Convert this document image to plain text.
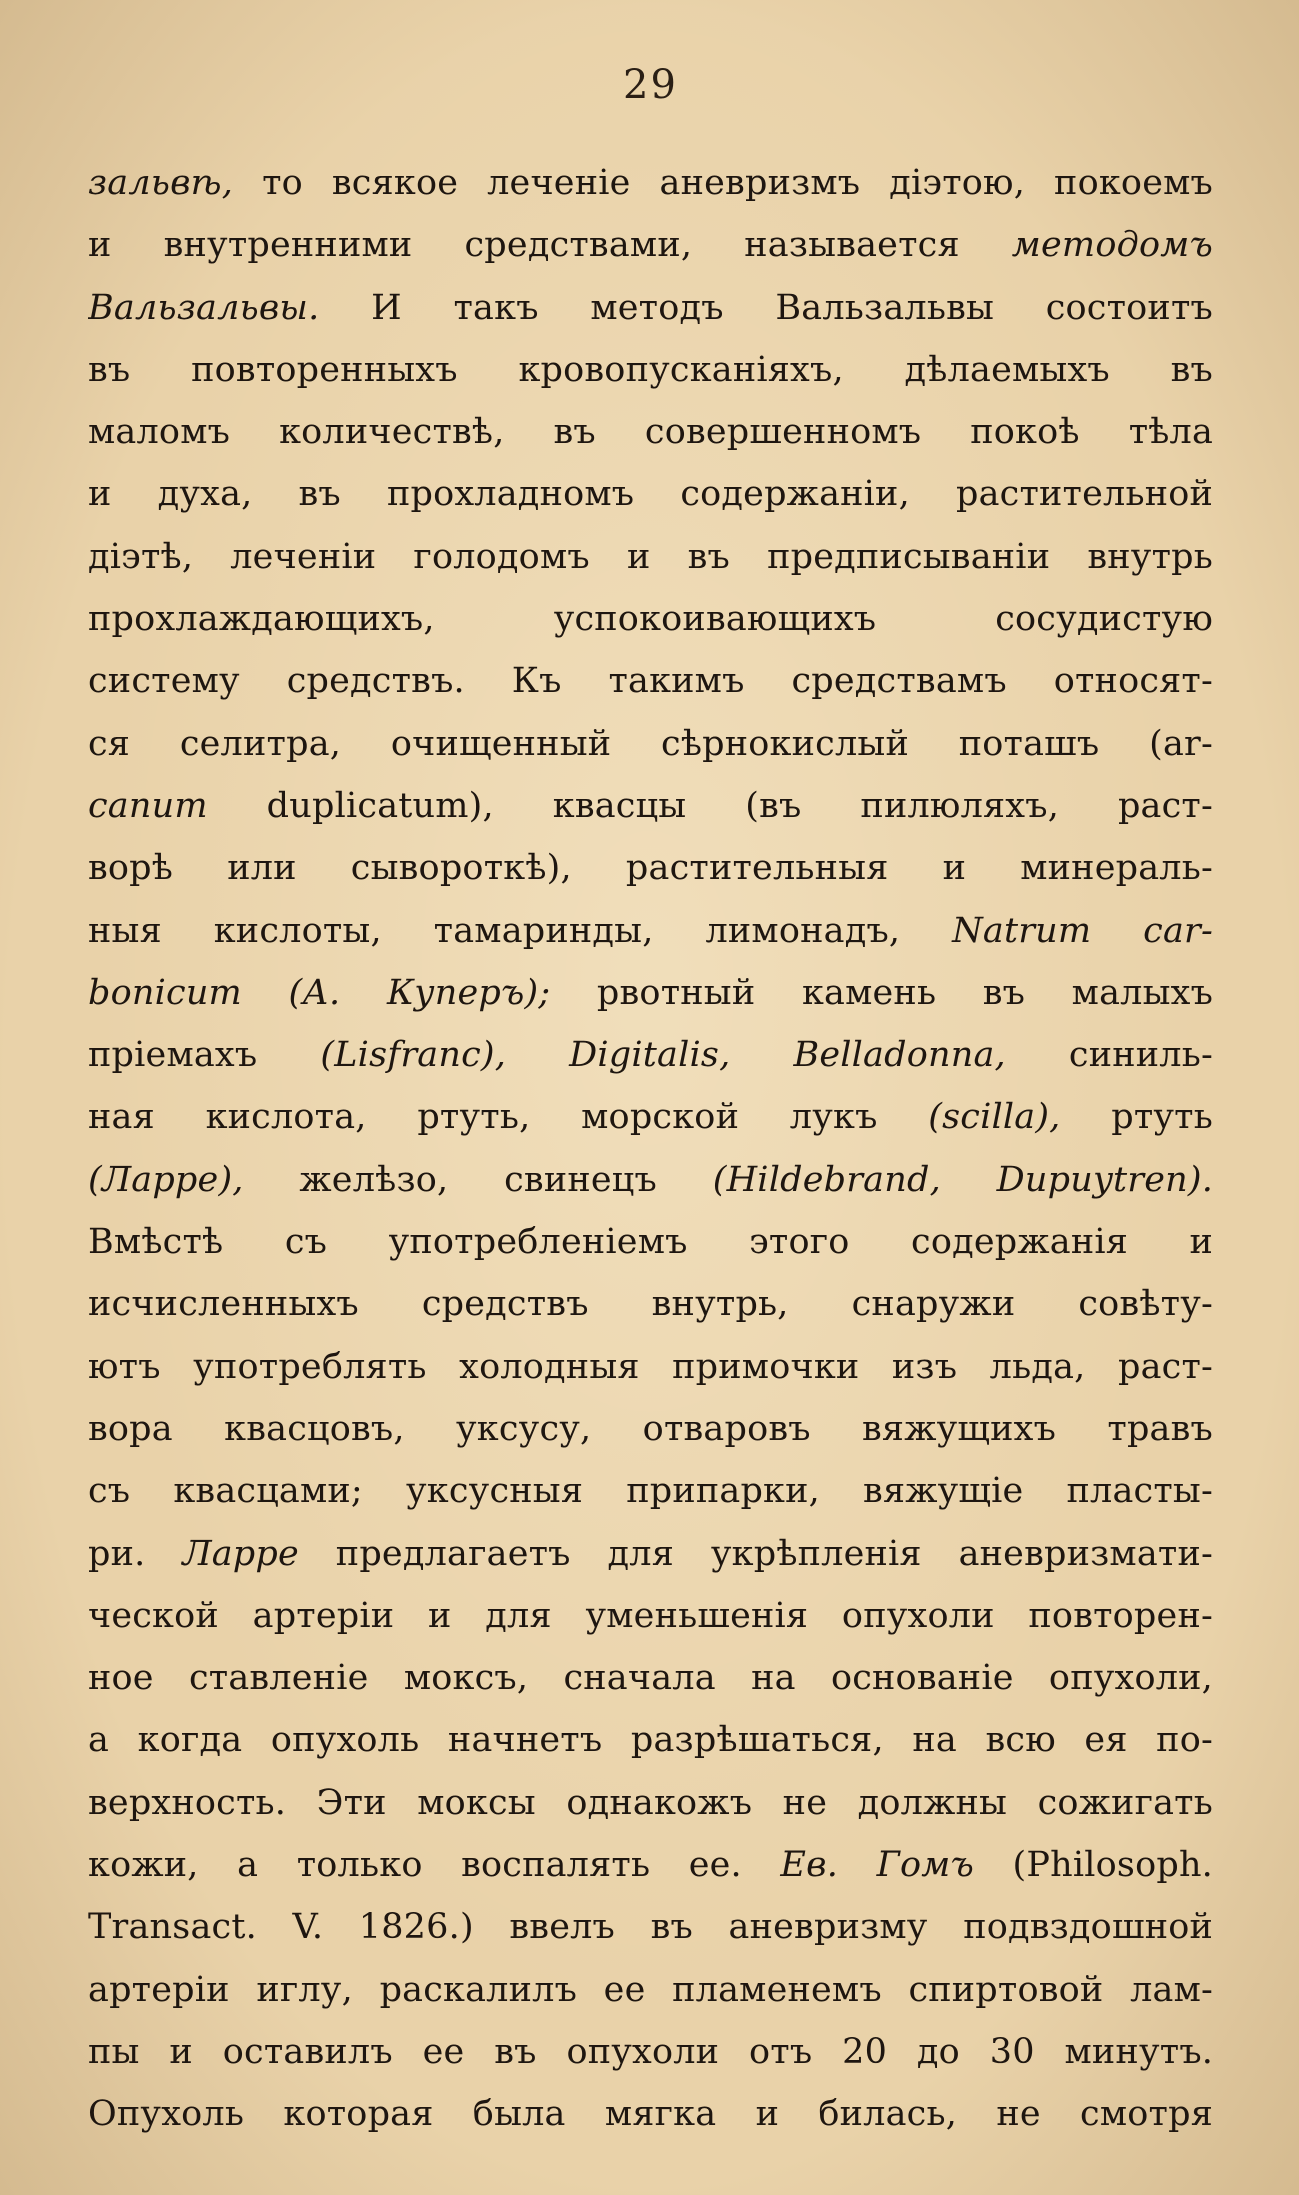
29
зальвѣ, то всякое леченіе аневризмъ діэтою, покоемъ
и внутренними средствами, называется методомъ
Вальзальвы. И такъ методъ Вальзальвы состоитъ
въ повторенныхъ кровопусканіяхъ, дѣлаемыхъ въ
маломъ количествѣ, въ совершенномъ покоѣ тѣла
и духа, въ прохладномъ содержаніи, растительной
діэтѣ, леченіи голодомъ и въ предписываніи внутрь
прохлаждающихъ,	успокоивающихъ	сосудистую
систему средствъ. Къ такимъ средствамъ относят-
ся селитра, очищенный сѣрнокислый поташъ (ar-
canum duplicatum), квасцы (въ пилюляхъ, раст-
ворѣ или сывороткѣ), растительныя и минераль-
ныя кислоты, тамаринды, лимонадъ, Natrum car-
bonicum (А. Куперъ); рвотный камень въ малыхъ
пріемахъ (Lisfranc), Digitalis, Belladonna, синиль-
ная кислота, ртуть, морской лукъ (scilla), ртуть
(Ларре), желѣзо, свинецъ (Hildebrand, Dupuytren).
Вмѣстѣ съ употребленіемъ этого содержанія и
исчисленныхъ средствъ внутрь, снаружи совѣту-
ютъ употреблять холодныя примочки изъ льда, раст-
вора квасцовъ, уксусу, отваровъ вяжущихъ травъ
съ квасцами; уксусныя припарки, вяжущіе пласты-
ри. Ларре предлагаетъ для укрѣпленія аневризмати-
ческой артеріи и для уменьшенія опухоли повторен-
ное ставленіе моксъ, сначала на основаніе опухоли,
а когда опухоль начнетъ разрѣшаться, на всю ея по-
верхность. Эти моксы однакожъ не должны сожигать
кожи, а только воспалять ее. Ев. Гомъ (Philosoph.
Transact. V. 1826.) ввелъ въ аневризму подвздошной
артеріи иглу, раскалилъ ее пламенемъ спиртовой лам-
пы и оставилъ ее въ опухоли отъ 20 до 30 минутъ.
Опухоль которая была мягка и билась, не смотря
